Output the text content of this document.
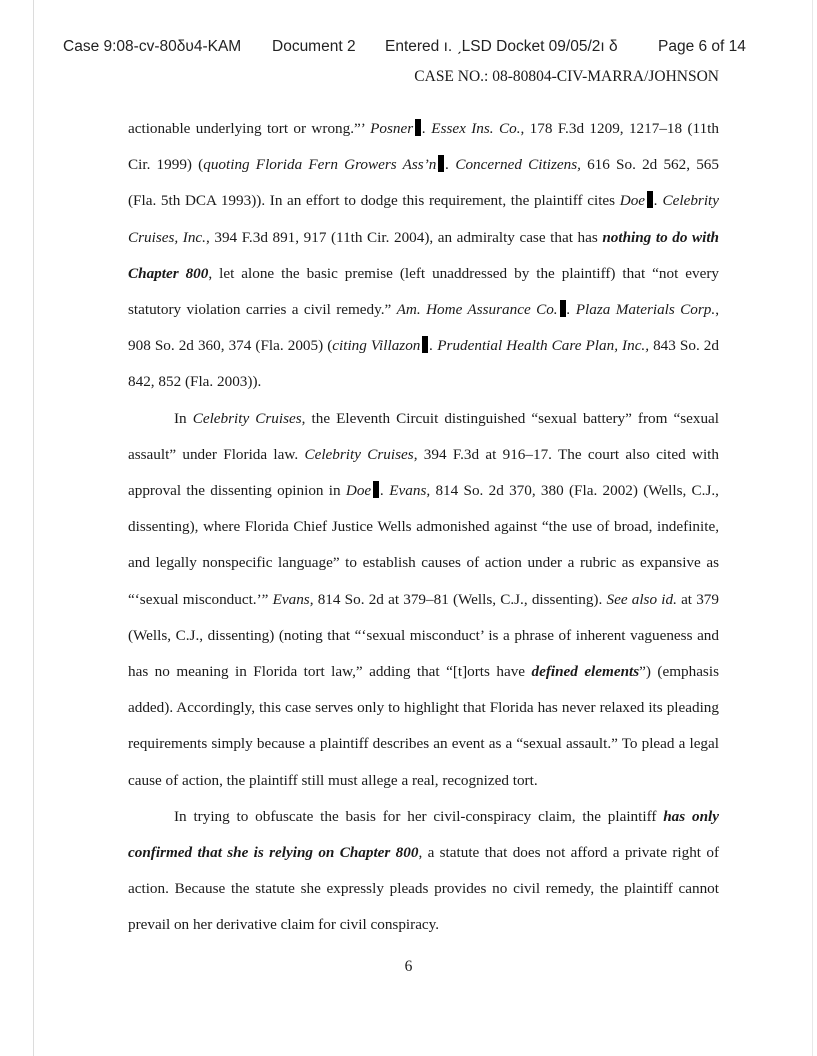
Case 9:08-cv-80δυ4-KAM Document 2 Entered ı. ˏLSD Docket 09/05/2ı δ	Page 6 of 14
CASE NO.: 08-80804-CIV-MARRA/JOHNSON

actionable underlying tort or wrong.”’ Posner . Essex Ins. Co., 178 F.3d 1209, 1217–18 (11th Cir. 1999) (quoting Florida Fern Growers Ass’n . Concerned Citizens, 616 So. 2d 562, 565 (Fla. 5th DCA 1993)). In an effort to dodge this requirement, the plaintiff cites Doe . Celebrity Cruises, Inc., 394 F.3d 891, 917 (11th Cir. 2004), an admiralty case that has nothing to do with Chapter 800, let alone the basic premise (left unaddressed by the plaintiff) that “not every statutory violation carries a civil remedy.” Am. Home Assurance Co. . Plaza Materials Corp., 908 So. 2d 360, 374 (Fla. 2005) (citing Villazon . Prudential Health Care Plan, Inc., 843 So. 2d 842, 852 (Fla. 2003)).

In Celebrity Cruises, the Eleventh Circuit distinguished “sexual battery” from “sexual assault” under Florida law. Celebrity Cruises, 394 F.3d at 916–17. The court also cited with approval the dissenting opinion in Doe . Evans, 814 So. 2d 370, 380 (Fla. 2002) (Wells, C.J., dissenting), where Florida Chief Justice Wells admonished against “the use of broad, indefinite, and legally nonspecific language” to establish causes of action under a rubric as expansive as “‘sexual misconduct.’” Evans, 814 So. 2d at 379–81 (Wells, C.J., dissenting). See also id. at 379 (Wells, C.J., dissenting) (noting that “‘sexual misconduct’ is a phrase of inherent vagueness and has no meaning in Florida tort law,” adding that “[t]orts have defined elements”) (emphasis added). Accordingly, this case serves only to highlight that Florida has never relaxed its pleading requirements simply because a plaintiff describes an event as a “sexual assault.” To plead a legal cause of action, the plaintiff still must allege a real, recognized tort.

In trying to obfuscate the basis for her civil-conspiracy claim, the plaintiff has only confirmed that she is relying on Chapter 800, a statute that does not afford a private right of action. Because the statute she expressly pleads provides no civil remedy, the plaintiff cannot prevail on her derivative claim for civil conspiracy.

6
